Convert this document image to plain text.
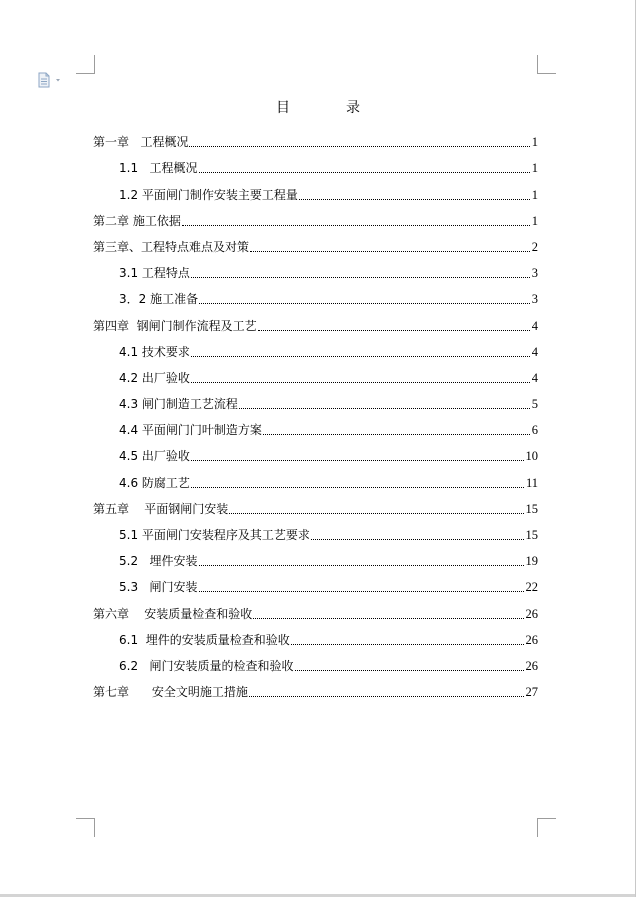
目	录
第一章   工程概况	1
1.1   工程概况	1
1.2 平面闸门制作安装主要工程量	1
第二章 施工依据	1
第三章、工程特点难点及对策	2
3.1 工程特点	3
3．2 施工准备	3
第四章  钢闸门制作流程及工艺	4
4.1 技术要求	4
4.2 出厂验收	4
4.3 闸门制造工艺流程	5
4.4 平面闸门门叶制造方案	6
4.5 出厂验收	10
4.6 防腐工艺	11
第五章    平面钢闸门安装	15
5.1 平面闸门安装程序及其工艺要求	15
5.2   埋件安装	19
5.3   闸门安装	22
第六章    安装质量检查和验收	26
6.1  埋件的安装质量检查和验收	26
6.2   闸门安装质量的检查和验收	26
第七章      安全文明施工措施	27
